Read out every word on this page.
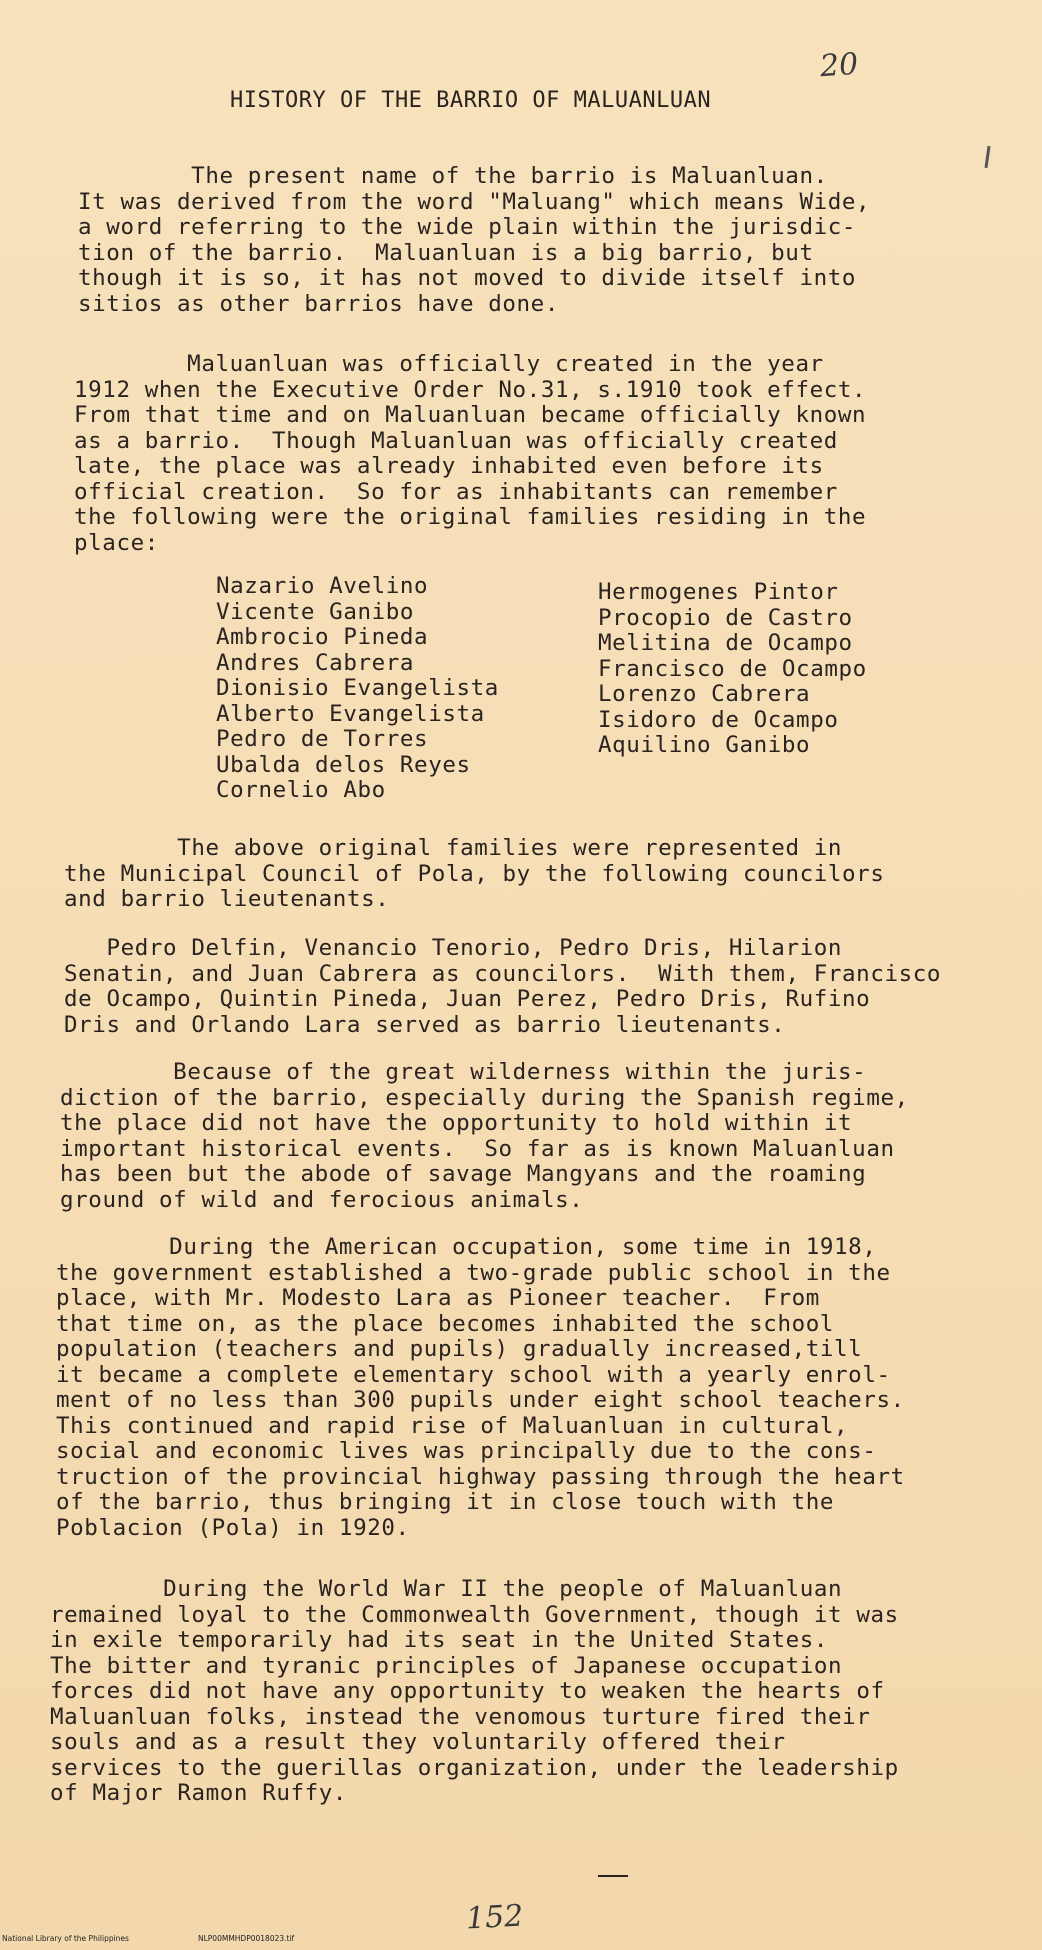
20
HISTORY OF THE BARRIO OF MALUANLUAN

The present name of the barrio is Maluanluan.
It was derived from the word "Maluang" which means Wide,
a word referring to the wide plain within the jurisdic-
tion of the barrio.  Maluanluan is a big barrio, but
though it is so, it has not moved to divide itself into
sitios as other barrios have done.

Maluanluan was officially created in the year
1912 when the Executive Order No.31, s.1910 took effect.
From that time and on Maluanluan became officially known
as a barrio.  Though Maluanluan was officially created
late, the place was already inhabited even before its
official creation.  So for as inhabitants can remember
the following were the original families residing in the
place:

Nazario Avelino
Vicente Ganibo
Ambrocio Pineda
Andres Cabrera
Dionisio Evangelista
Alberto Evangelista
Pedro de Torres
Ubalda delos Reyes
Cornelio Abo
Hermogenes Pintor
Procopio de Castro
Melitina de Ocampo
Francisco de Ocampo
Lorenzo Cabrera
Isidoro de Ocampo
Aquilino Ganibo

The above original families were represented in
the Municipal Council of Pola, by the following councilors
and barrio lieutenants.

Pedro Delfin, Venancio Tenorio, Pedro Dris, Hilarion
Senatin, and Juan Cabrera as councilors.  With them, Francisco
de Ocampo, Quintin Pineda, Juan Perez, Pedro Dris, Rufino
Dris and Orlando Lara served as barrio lieutenants.

Because of the great wilderness within the juris-
diction of the barrio, especially during the Spanish regime,
the place did not have the opportunity to hold within it
important historical events.  So far as is known Maluanluan
has been but the abode of savage Mangyans and the roaming
ground of wild and ferocious animals.

During the American occupation, some time in 1918,
the government established a two-grade public school in the
place, with Mr. Modesto Lara as Pioneer teacher.  From
that time on, as the place becomes inhabited the school
population (teachers and pupils) gradually increased,till
it became a complete elementary school with a yearly enrol-
ment of no less than 300 pupils under eight school teachers.
This continued and rapid rise of Maluanluan in cultural,
social and economic lives was principally due to the cons-
truction of the provincial highway passing through the heart
of the barrio, thus bringing it in close touch with the
Poblacion (Pola) in 1920.

During the World War II the people of Maluanluan
remained loyal to the Commonwealth Government, though it was
in exile temporarily had its seat in the United States.
The bitter and tyranic principles of Japanese occupation
forces did not have any opportunity to weaken the hearts of
Maluanluan folks, instead the venomous turture fired their
souls and as a result they voluntarily offered their
services to the guerillas organization, under the leadership
of Major Ramon Ruffy.

152
National Library of the Philippines	NLP00MMHDP0018023.tif
